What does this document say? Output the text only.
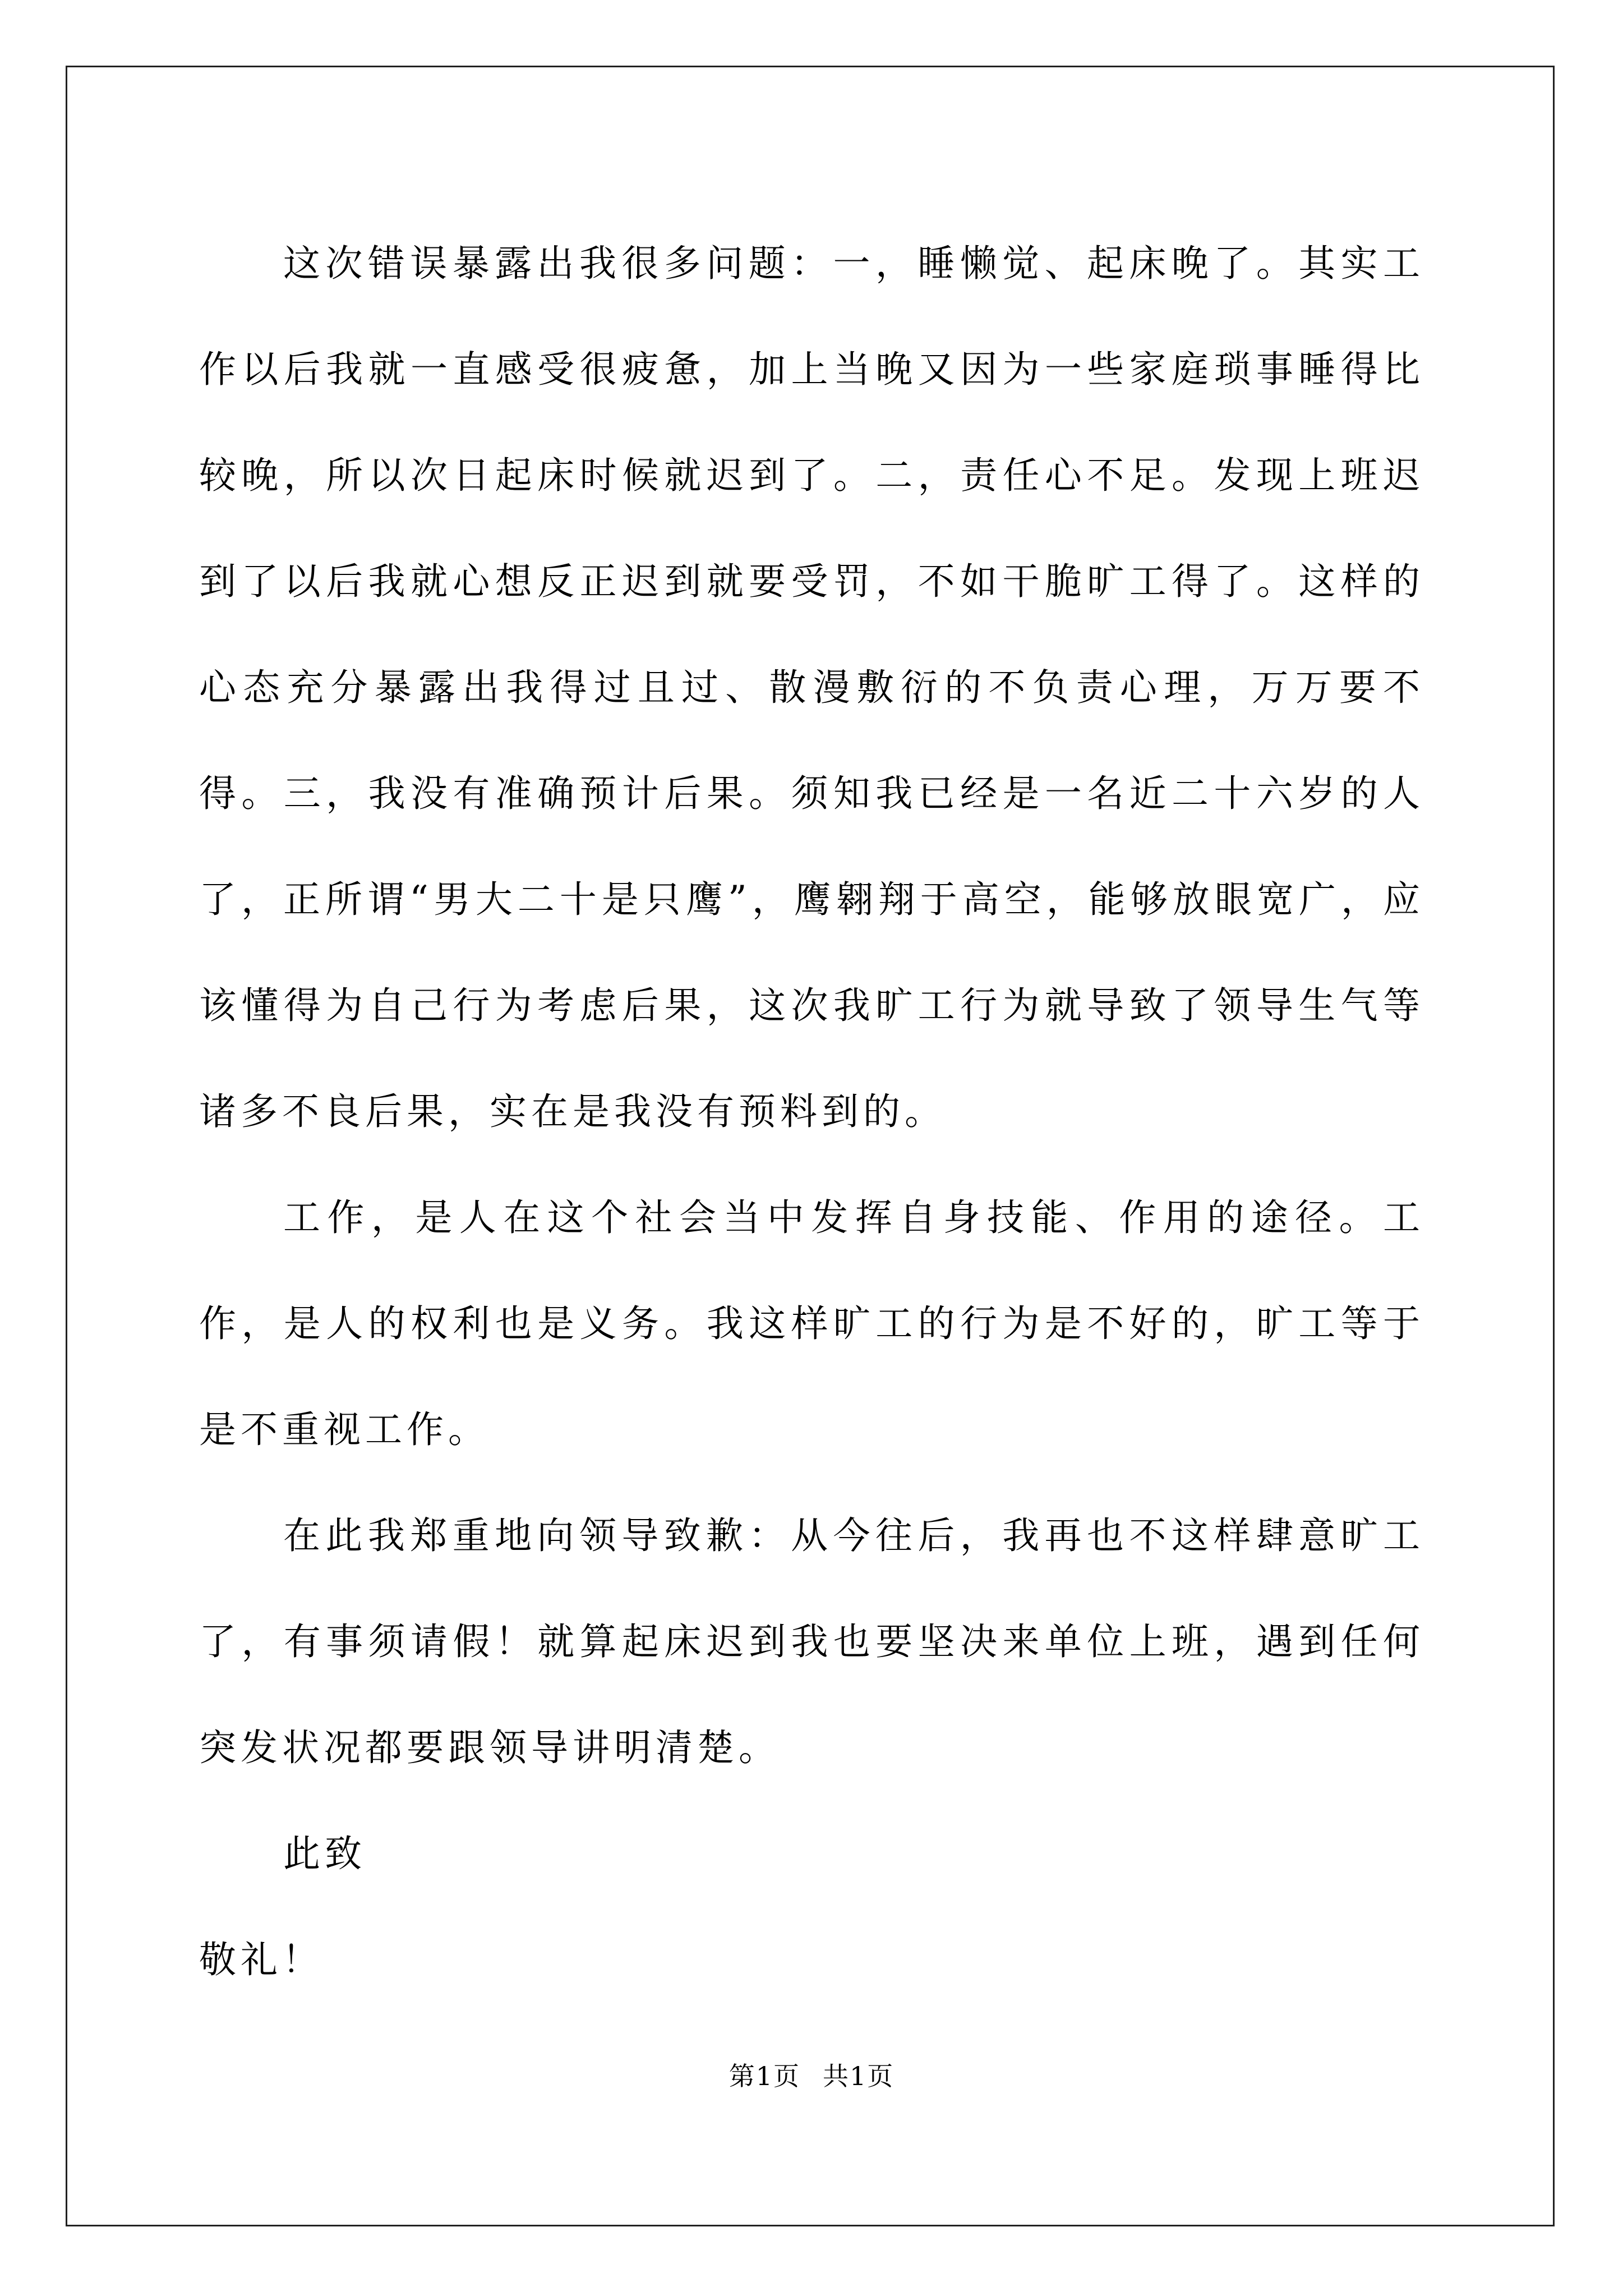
这次错误暴露出我很多问题：一，睡懒觉、起床晚了。其实工作以后我就一直感受很疲惫，加上当晚又因为一些家庭琐事睡得比较晚，所以次日起床时候就迟到了。二，责任心不足。发现上班迟到了以后我就心想反正迟到就要受罚，不如干脆旷工得了。这样的心态充分暴露出我得过且过、散漫敷衍的不负责心理，万万要不得。三，我没有准确预计后果。须知我已经是一名近二十六岁的人了，正所谓“男大二十是只鹰”，鹰翱翔于高空，能够放眼宽广，应该懂得为自己行为考虑后果，这次我旷工行为就导致了领导生气等诸多不良后果，实在是我没有预料到的。

工作，是人在这个社会当中发挥自身技能、作用的途径。工作，是人的权利也是义务。我这样旷工的行为是不好的，旷工等于是不重视工作。

在此我郑重地向领导致歉：从今往后，我再也不这样肆意旷工了，有事须请假！就算起床迟到我也要坚决来单位上班，遇到任何突发状况都要跟领导讲明清楚。

此致

敬礼！

第1页 共1页
